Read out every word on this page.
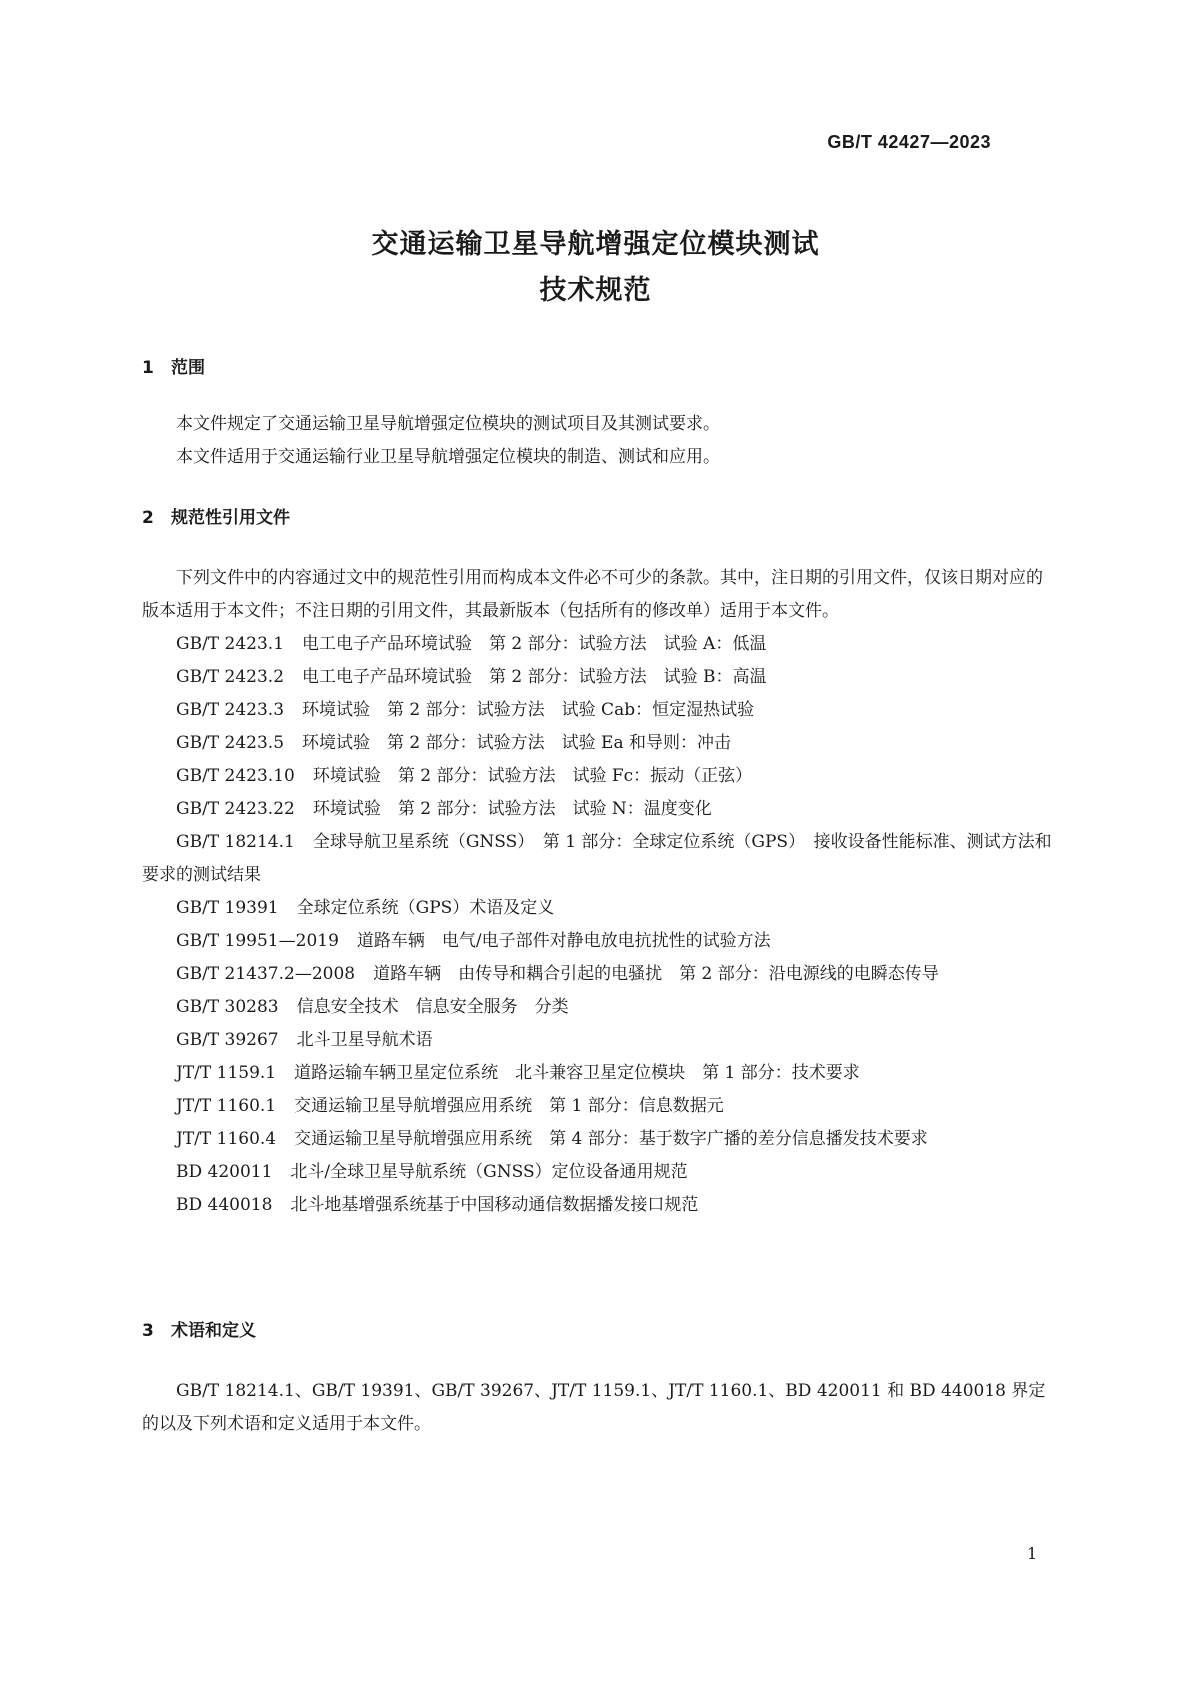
GB/T 42427—2023
交通运输卫星导航增强定位模块测试
技术规范
1 范围

本文件规定了交通运输卫星导航增强定位模块的测试项目及其测试要求。

本文件适用于交通运输行业卫星导航增强定位模块的制造、测试和应用。

2 规范性引用文件

下列文件中的内容通过文中的规范性引用而构成本文件必不可少的条款。其中，注日期的引用文件，仅该日期对应的版本适用于本文件；不注日期的引用文件，其最新版本（包括所有的修改单）适用于本文件。

GB/T 2423.1 电工电子产品环境试验　第 2 部分：试验方法　试验 A：低温

GB/T 2423.2 电工电子产品环境试验　第 2 部分：试验方法　试验 B：高温

GB/T 2423.3 环境试验　第 2 部分：试验方法　试验 Cab：恒定湿热试验

GB/T 2423.5 环境试验　第 2 部分：试验方法　试验 Ea 和导则：冲击

GB/T 2423.10 环境试验　第 2 部分：试验方法　试验 Fc：振动（正弦）

GB/T 2423.22 环境试验　第 2 部分：试验方法　试验 N：温度变化

GB/T 18214.1 全球导航卫星系统（GNSS）　第 1 部分：全球定位系统（GPS）　接收设备性能标准、测试方法和要求的测试结果

GB/T 19391 全球定位系统（GPS）术语及定义

GB/T 19951—2019 道路车辆　电气/电子部件对静电放电抗扰性的试验方法

GB/T 21437.2—2008 道路车辆　由传导和耦合引起的电骚扰　第 2 部分：沿电源线的电瞬态传导

GB/T 30283 信息安全技术　信息安全服务　分类

GB/T 39267 北斗卫星导航术语

JT/T 1159.1 道路运输车辆卫星定位系统　北斗兼容卫星定位模块　第 1 部分：技术要求

JT/T 1160.1 交通运输卫星导航增强应用系统　第 1 部分：信息数据元

JT/T 1160.4 交通运输卫星导航增强应用系统　第 4 部分：基于数字广播的差分信息播发技术要求

BD 420011 北斗/全球卫星导航系统（GNSS）定位设备通用规范

BD 440018 北斗地基增强系统基于中国移动通信数据播发接口规范

3 术语和定义

GB/T 18214.1、GB/T 19391、GB/T 39267、JT/T 1159.1、JT/T 1160.1、BD 420011 和 BD 440018 界定的以及下列术语和定义适用于本文件。

1
